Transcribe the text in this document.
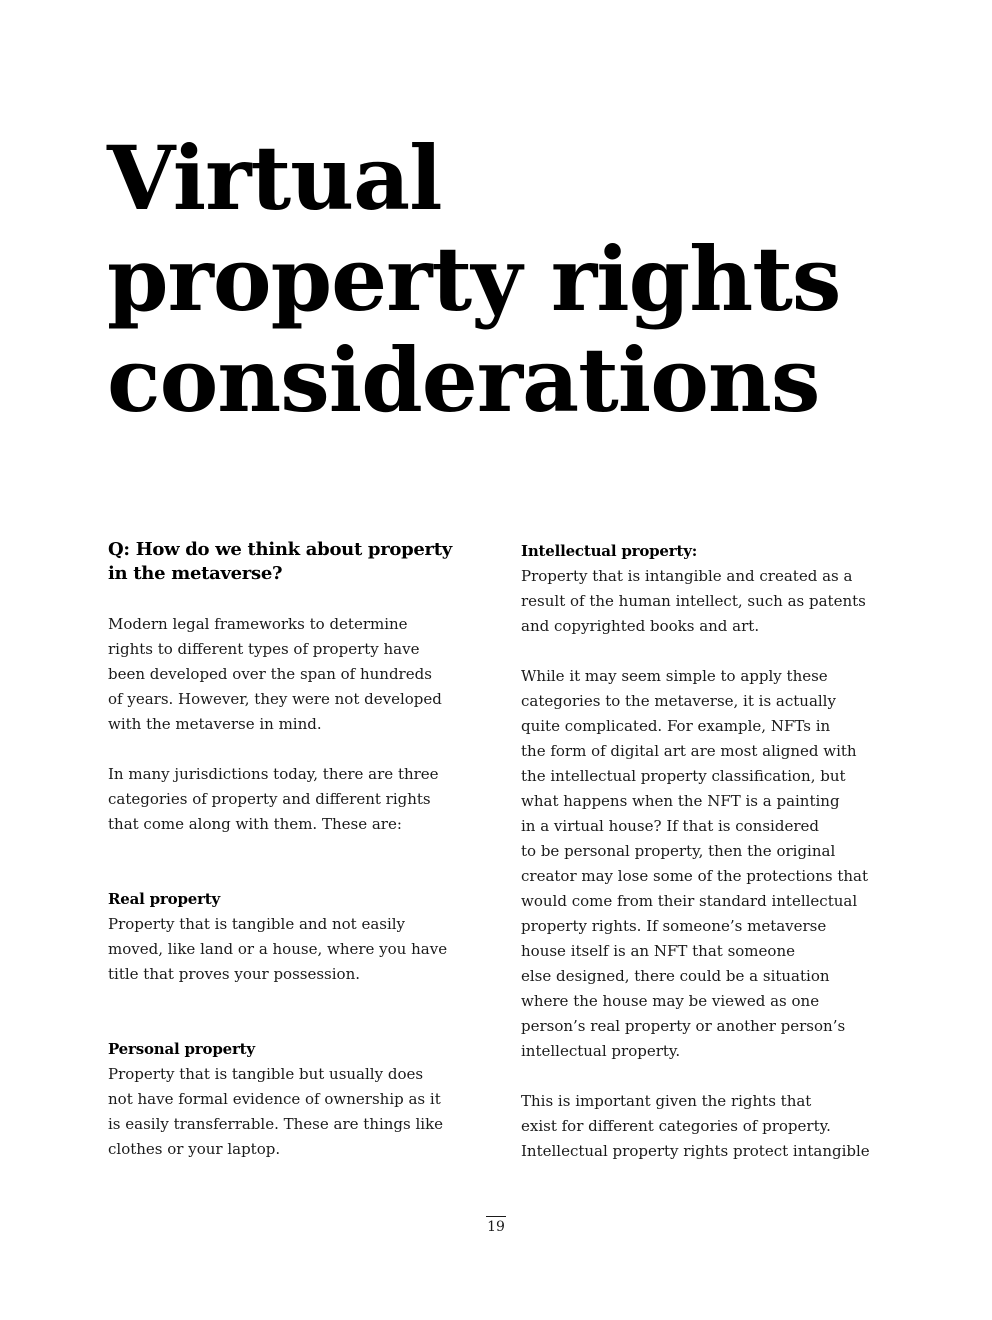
Virtual
property rights
considerations
Q: How do we think about property
in the metaverse?
Modern legal frameworks to determine
rights to different types of property have
been developed over the span of hundreds
of years. However, they were not developed
with the metaverse in mind.
In many jurisdictions today, there are three
categories of property and different rights
that come along with them. These are:
Real property
Property that is tangible and not easily
moved, like land or a house, where you have
title that proves your possession.
Personal property
Property that is tangible but usually does
not have formal evidence of ownership as it
is easily transferrable. These are things like
clothes or your laptop.
Intellectual property:
Property that is intangible and created as a
result of the human intellect, such as patents
and copyrighted books and art.
While it may seem simple to apply these
categories to the metaverse, it is actually
quite complicated. For example, NFTs in
the form of digital art are most aligned with
the intellectual property classification, but
what happens when the NFT is a painting
in a virtual house? If that is considered
to be personal property, then the original
creator may lose some of the protections that
would come from their standard intellectual
property rights. If someone’s metaverse
house itself is an NFT that someone
else designed, there could be a situation
where the house may be viewed as one
person’s real property or another person’s
intellectual property.
This is important given the rights that
exist for different categories of property.
Intellectual property rights protect intangible
19
